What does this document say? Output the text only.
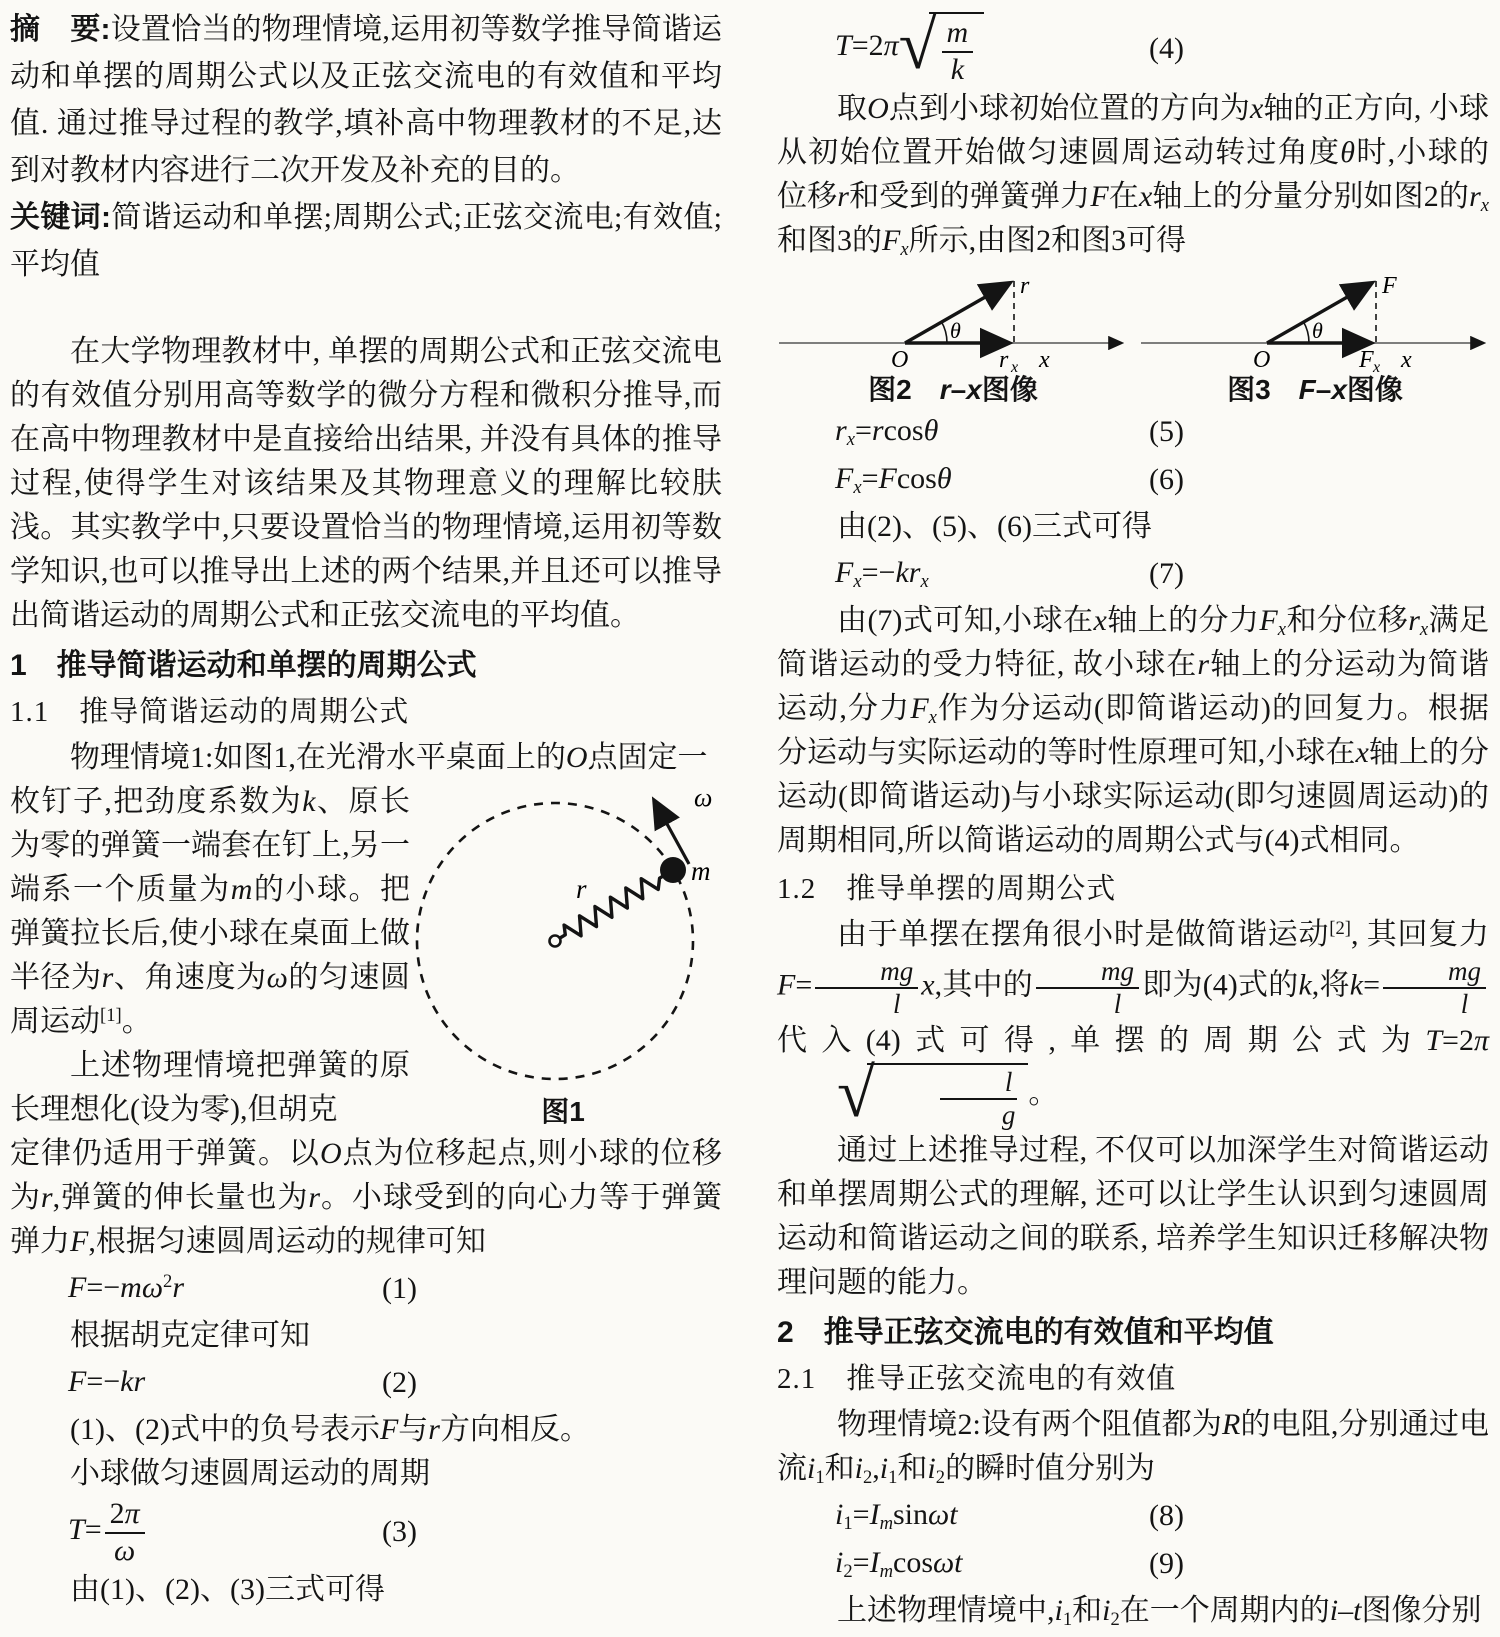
摘　要:设置恰当的物理情境,运用初等数学推导简谐运动和单摆的周期公式以及正弦交流电的有效值和平均值. 通过推导过程的教学,填补高中物理教材的不足,达到对教材内容进行二次开发及补充的目的。

关键词:简谐运动和单摆;周期公式;正弦交流电;有效值;平均值

在大学物理教材中, 单摆的周期公式和正弦交流电的有效值分别用高等数学的微分方程和微积分推导,而在高中物理教材中是直接给出结果, 并没有具体的推导过程,使得学生对该结果及其物理意义的理解比较肤浅。其实教学中,只要设置恰当的物理情境,运用初等数学知识,也可以推导出上述的两个结果,并且还可以推导出简谐运动的周期公式和正弦交流电的平均值。

1　推导简谐运动和单摆的周期公式
1.1　推导简谐运动的周期公式

物理情境1:如图1,在光滑水平桌面上的O点固定一

枚钉子,把劲度系数为k、原长为零的弹簧一端套在钉上,另一端系一个质量为m的小球。把弹簧拉长后,使小球在桌面上做半径为r、角速度为ω的匀速圆周运动[1]。

上述物理情境把弹簧的原长理想化(设为零),但胡克

r
m
ω
图1

定律仍适用于弹簧。以O点为位移起点,则小球的位移为r,弹簧的伸长量也为r。小球受到的向心力等于弹簧弹力F,根据匀速圆周运动的规律可知

$F=-m\omega^2r$	(1)

根据胡克定律可知

F=−kr	(2)

(1)、(2)式中的负号表示F与r方向相反。

小球做匀速圆周运动的周期

$T= \frac{2\pi}{\omega}$	(3)

由(1)、(2)、(3)三式可得

T=2π √ $\frac{m}{k}$	(4)

取O点到小球初始位置的方向为x轴的正方向, 小球从初始位置开始做匀速圆周运动转过角度θ时,小球的位移r和受到的弹簧弹力F在x轴上的分量分别如图2的$r_x$和图3的$F_x$所示,由图2和图3可得

r
θ
O	r x x
图2　r–x图像
F
θ
O	F x x
图3　F–x图像
$r_x=rcos\theta$	(5)
$F_x=Fcos\theta$	(6)

由(2)、(5)、(6)三式可得

$F_x=-kr_x$	(7)

由(7)式可知,小球在x轴上的分力$F_x$和分位移$r_x$满足简谐运动的受力特征, 故小球在r轴上的分运动为简谐运动,分力$F_x$作为分运动(即简谐运动)的回复力。根据分运动与实际运动的等时性原理可知,小球在x轴上的分运动(即简谐运动)与小球实际运动(即匀速圆周运动)的周期相同,所以简谐运动的周期公式与(4)式相同。

1.2　推导单摆的周期公式

由于单摆在摆角很小时是做简谐运动[2], 其回复力$F= \frac{mg}{l} x$,其中的 $\frac{mg}{l}$ 即为(4)式的k,将$k= \frac{mg}{l}$
代入(4)式可得,单摆的周期公式为T=2π
√ $\frac{l}{g}$ 。

通过上述推导过程, 不仅可以加深学生对简谐运动和单摆周期公式的理解, 还可以让学生认识到匀速圆周运动和简谐运动之间的联系, 培养学生知识迁移解决物理问题的能力。

2　推导正弦交流电的有效值和平均值
2.1　推导正弦交流电的有效值

物理情境2:设有两个阻值都为R的电阻,分别通过电流$i_1$和$i_2,i_1$和$i_2$的瞬时值分别为

$i_1=I_m\sin\omega t$	(8)
$i_2=I_m\cos\omega t$	(9)

上述物理情境中$,i_1$和$i_2$在一个周期内的i–t图像分别
